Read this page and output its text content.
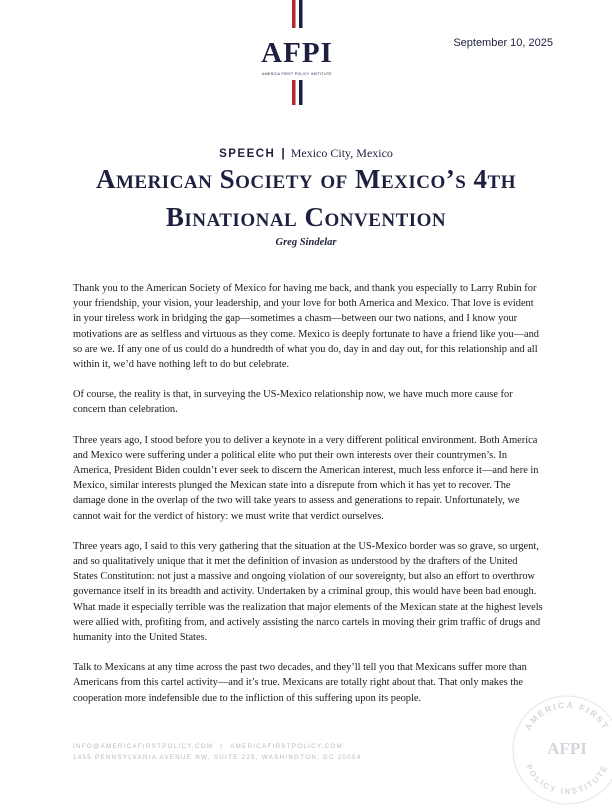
AFPI
AMERICA FIRST POLICY INSTITUTE
September 10, 2025
SPEECH | Mexico City, Mexico
American Society of Mexico’s 4th Binational Convention
Greg Sindelar

Thank you to the American Society of Mexico for having me back, and thank you especially to Larry Rubin for your friendship, your vision, your leadership, and your love for both America and Mexico. That love is evident in your tireless work in bridging the gap—sometimes a chasm—between our two nations, and I know your motivations are as selfless and virtuous as they come. Mexico is deeply fortunate to have a friend like you—and so are we. If any one of us could do a hundredth of what you do, day in and day out, for this relationship and all within it, we’d have nothing left to do but celebrate.

Of course, the reality is that, in surveying the US-Mexico relationship now, we have much more cause for concern than celebration.

Three years ago, I stood before you to deliver a keynote in a very different political environment. Both America and Mexico were suffering under a political elite who put their own interests over their countrymen’s. In America, President Biden couldn’t ever seek to discern the American interest, much less enforce it—and here in Mexico, similar interests plunged the Mexican state into a disrepute from which it has yet to recover. The damage done in the overlap of the two will take years to assess and generations to repair. Unfortunately, we cannot wait for the verdict of history: we must write that verdict ourselves.

Three years ago, I said to this very gathering that the situation at the US-Mexico border was so grave, so urgent, and so qualitatively unique that it met the definition of invasion as understood by the drafters of the United States Constitution: not just a massive and ongoing violation of our sovereignty, but also an effort to overthrow governance itself in its breadth and activity. Undertaken by a criminal group, this would have been bad enough. What made it especially terrible was the realization that major elements of the Mexican state at the highest levels were allied with, profiting from, and actively assisting the narco cartels in moving their grim traffic of drugs and humanity into the United States.

Talk to Mexicans at any time across the past two decades, and they’ll tell you that Mexicans suffer more than Americans from this cartel activity—and it’s true. Mexicans are totally right about that. That only makes the cooperation more indefensible due to the infliction of this suffering upon its people.

INFO@AMERICAFIRSTPOLICY.COM | AMERICAFIRSTPOLICY.COM
1455 PENNSYLVANIA AVENUE NW, SUITE 225, WASHINGTON, DC 20004
AMERICA FIRST
AFPI
POLICY INSTITUTE
